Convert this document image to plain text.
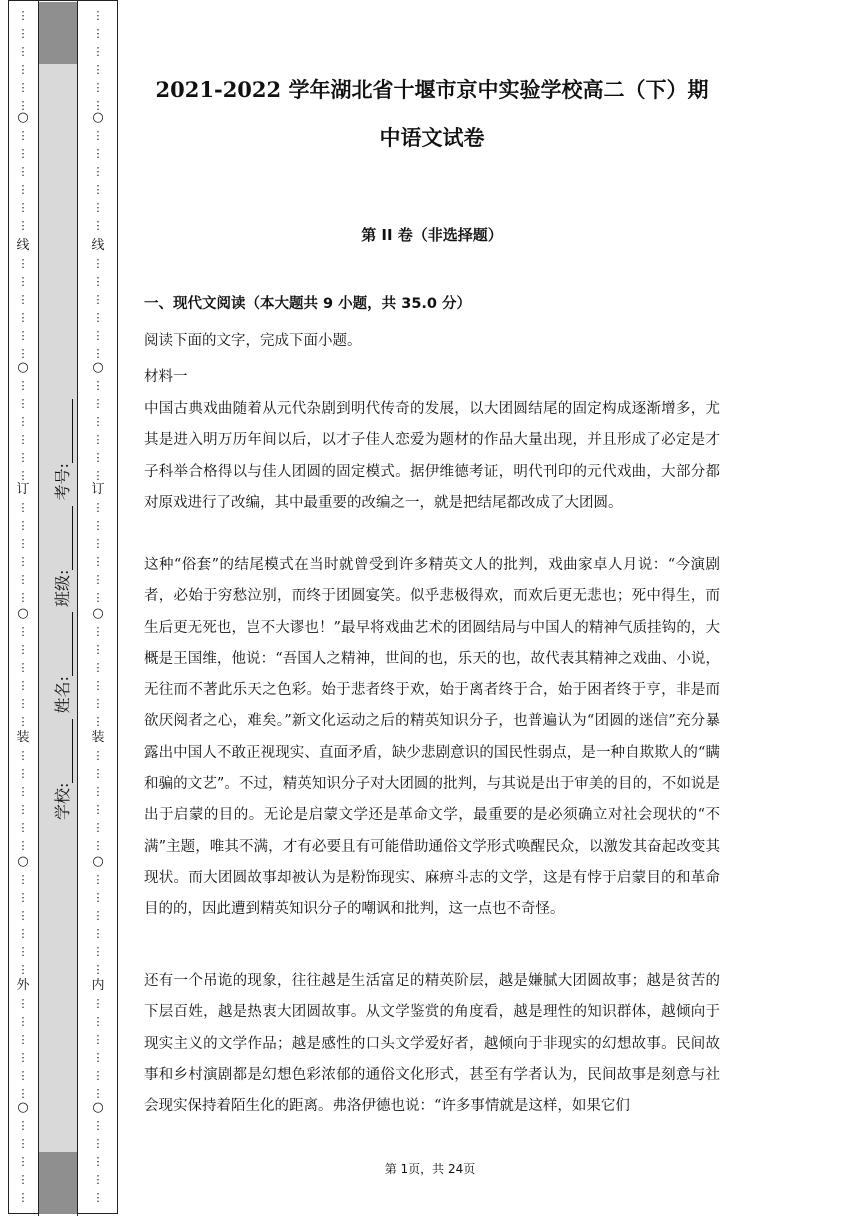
⋮
⋮
⋮
⋮
⋮
⋮
○
⋮
⋮
⋮
⋮
⋮
⋮
线
⋮
⋮
⋮
⋮
⋮
⋮
○
⋮
⋮
⋮
⋮
⋮
⋮
订
⋮
⋮
⋮
⋮
⋮
⋮
○
⋮
⋮
⋮
⋮
⋮
⋮
装
⋮
⋮
⋮
⋮
⋮
⋮
○
⋮
⋮
⋮
⋮
⋮
⋮
外
⋮
⋮
⋮
⋮
⋮
⋮
○
⋮
⋮
⋮
⋮
⋮
⋮
⋮
⋮
⋮
⋮
⋮
○
⋮
⋮
⋮
⋮
⋮
⋮
线
⋮
⋮
⋮
⋮
⋮
⋮
○
⋮
⋮
⋮
⋮
⋮
⋮
订
⋮
⋮
⋮
⋮
⋮
⋮
○
⋮
⋮
⋮
⋮
⋮
⋮
装
⋮
⋮
⋮
⋮
⋮
⋮
○
⋮
⋮
⋮
⋮
⋮
⋮
内
⋮
⋮
⋮
⋮
⋮
⋮
○
⋮
⋮
⋮
⋮
⋮
学校: 姓名: 班级: 考号:
2021-2022 学年湖北省十堰市京中实验学校高二（下）期
中语文试卷
第 II 卷（非选择题）
一、现代文阅读（本大题共 9 小题，共 35.0 分）
阅读下面的文字，完成下面小题。
材料一
中国古典戏曲随着从元代杂剧到明代传奇的发展，以大团圆结尾的固定构成逐渐增多，尤其是进入明万历年间以后，以才子佳人恋爱为题材的作品大量出现，并且形成了必定是才子科举合格得以与佳人团圆的固定模式。据伊维德考证，明代刊印的元代戏曲，大部分都对原戏进行了改编，其中最重要的改编之一，就是把结尾都改成了大团圆。
这种“俗套”的结尾模式在当时就曾受到许多精英文人的批判，戏曲家卓人月说：“今演剧者，必始于穷愁泣别，而终于团圆宴笑。似乎悲极得欢，而欢后更无悲也；死中得生，而生后更无死也，岂不大谬也！”最早将戏曲艺术的团圆结局与中国人的精神气质挂钩的，大概是王国维，他说：“吾国人之精神，世间的也，乐天的也，故代表其精神之戏曲、小说，无往而不著此乐天之色彩。始于悲者终于欢，始于离者终于合，始于困者终于亨，非是而欲厌阅者之心，难矣。”新文化运动之后的精英知识分子，也普遍认为“团圆的迷信”充分暴露出中国人不敢正视现实、直面矛盾，缺少悲剧意识的国民性弱点，是一种自欺欺人的“瞒和骗的文艺”。不过，精英知识分子对大团圆的批判，与其说是出于审美的目的，不如说是出于启蒙的目的。无论是启蒙文学还是革命文学，最重要的是必须确立对社会现状的“不满”主题，唯其不满，才有必要且有可能借助通俗文学形式唤醒民众，以激发其奋起改变其现状。而大团圆故事却被认为是粉饰现实、麻痹斗志的文学，这是有悖于启蒙目的和革命目的的，因此遭到精英知识分子的嘲讽和批判，这一点也不奇怪。
还有一个吊诡的现象，往往越是生活富足的精英阶层，越是嫌腻大团圆故事；越是贫苦的下层百姓，越是热衷大团圆故事。从文学鉴赏的角度看，越是理性的知识群体，越倾向于现实主义的文学作品；越是感性的口头文学爱好者，越倾向于非现实的幻想故事。民间故事和乡村演剧都是幻想色彩浓郁的通俗文化形式，甚至有学者认为，民间故事是刻意与社会现实保持着陌生化的距离。弗洛伊德也说：“许多事情就是这样，如果它们
第 1页，共 24页
